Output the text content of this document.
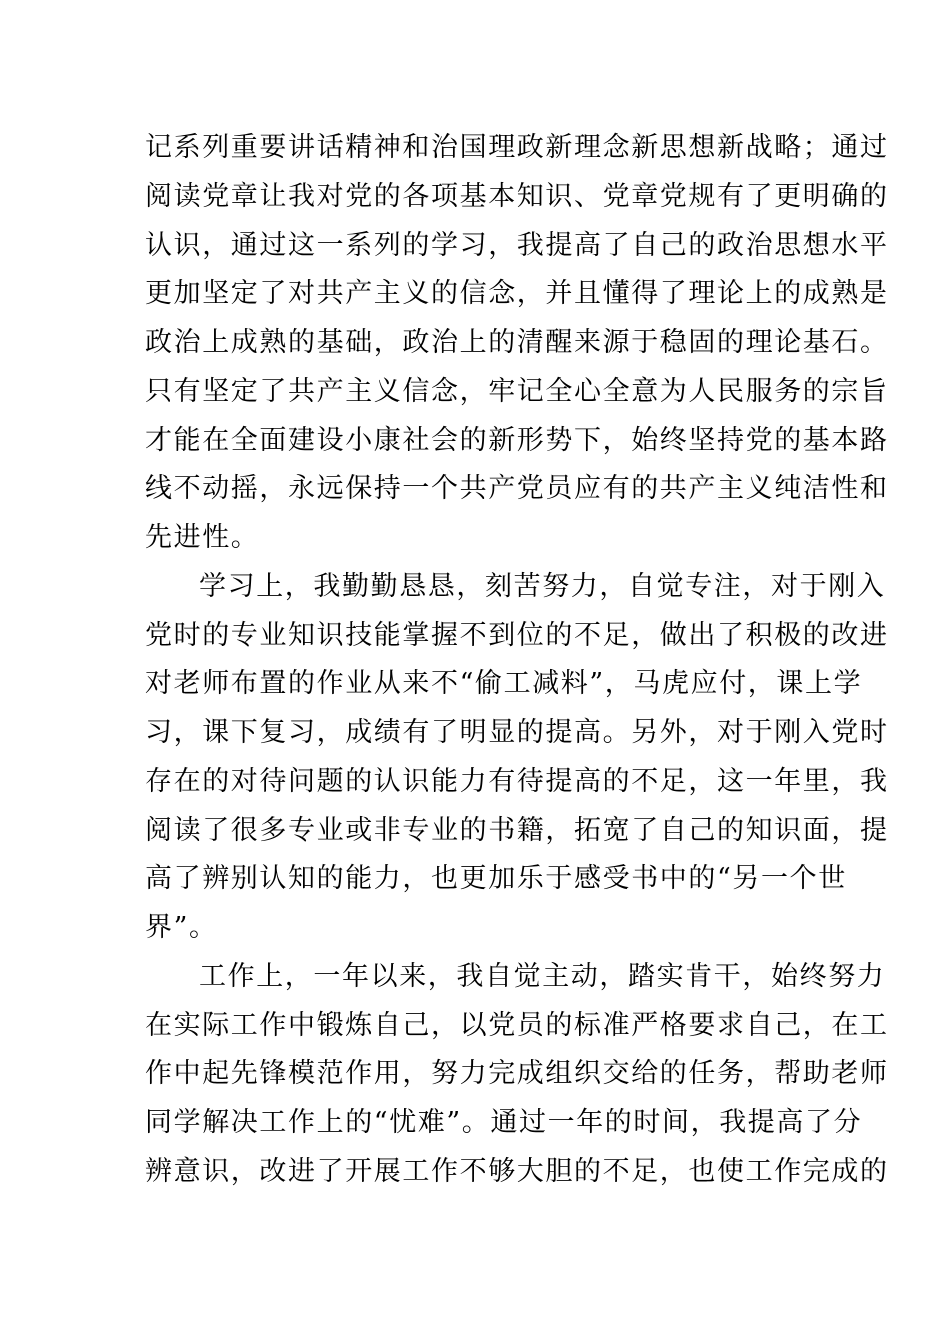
记系列重要讲话精神和治国理政新理念新思想新战略；通过
阅读党章让我对党的各项基本知识、党章党规有了更明确的
认识，通过这一系列的学习，我提高了自己的政治思想水平
更加坚定了对共产主义的信念，并且懂得了理论上的成熟是
政治上成熟的基础，政治上的清醒来源于稳固的理论基石。
只有坚定了共产主义信念，牢记全心全意为人民服务的宗旨
才能在全面建设小康社会的新形势下，始终坚持党的基本路
线不动摇，永远保持一个共产党员应有的共产主义纯洁性和
先进性。
学习上，我勤勤恳恳，刻苦努力，自觉专注，对于刚入
党时的专业知识技能掌握不到位的不足，做出了积极的改进
对老师布置的作业从来不“偷工减料”，马虎应付，课上学
习，课下复习，成绩有了明显的提高。另外，对于刚入党时
存在的对待问题的认识能力有待提高的不足，这一年里，我
阅读了很多专业或非专业的书籍，拓宽了自己的知识面，提
高了辨别认知的能力，也更加乐于感受书中的“另一个世
界”。
工作上，一年以来，我自觉主动，踏实肯干，始终努力
在实际工作中锻炼自己，以党员的标准严格要求自己，在工
作中起先锋模范作用，努力完成组织交给的任务，帮助老师
同学解决工作上的“忧难”。通过一年的时间，我提高了分
辨意识，改进了开展工作不够大胆的不足，也使工作完成的
